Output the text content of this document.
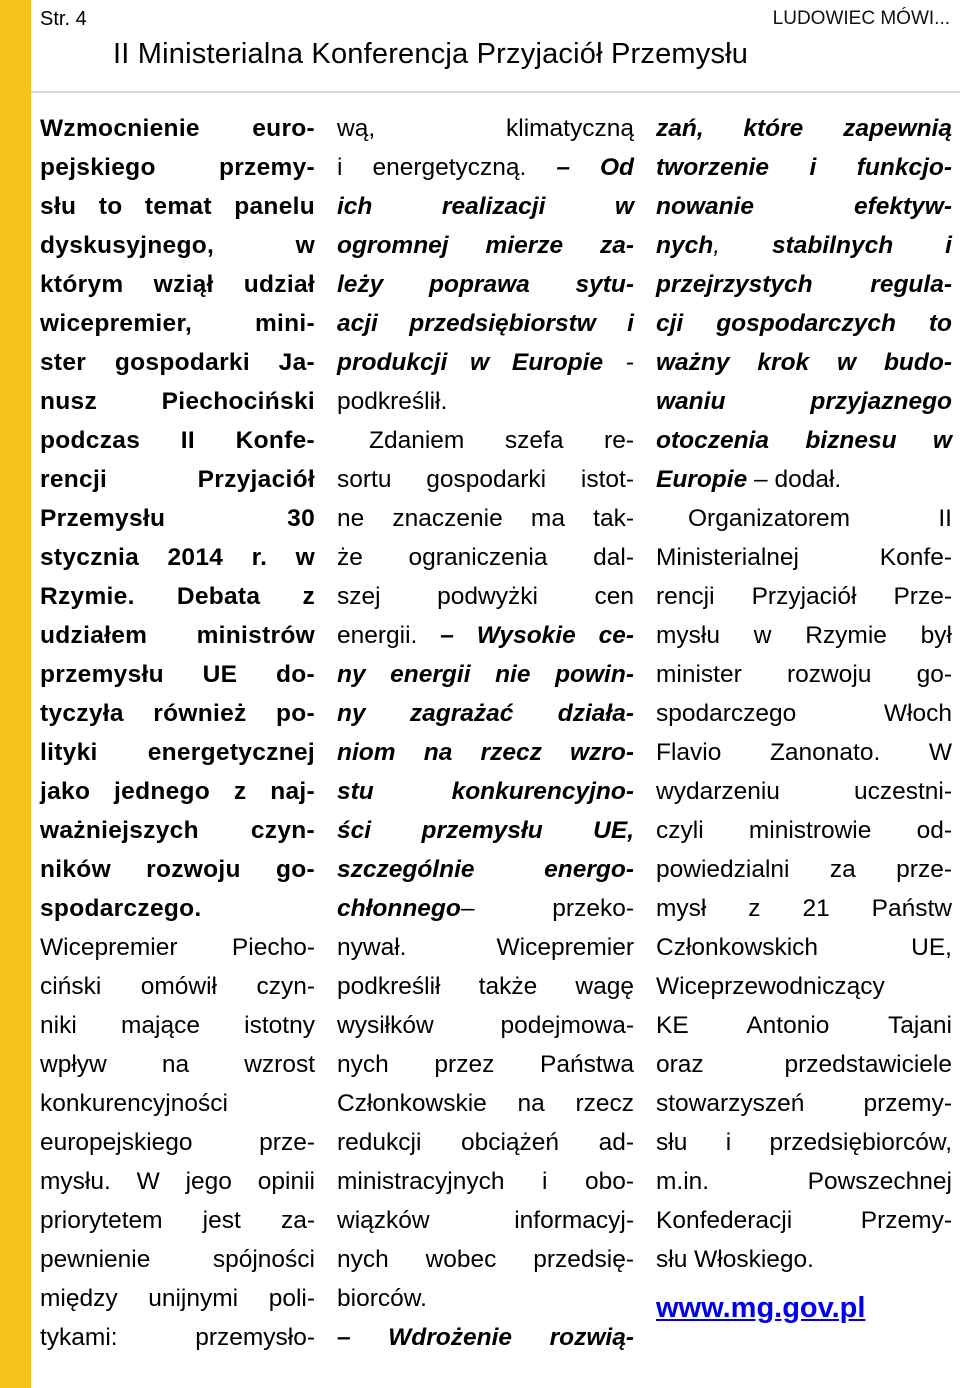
Str. 4	LUDOWIEC MÓWI...
II Ministerialna Konferencja Przyjaciół Przemysłu
Wzmocnienie euro-
pejskiego przemy-
słu to temat panelu
dyskusyjnego, w
którym wziął udział
wicepremier, mini-
ster gospodarki Ja-
nusz Piechociński
podczas II Konfe-
rencji Przyjaciół
Przemysłu 30
stycznia 2014 r. w
Rzymie. Debata z
udziałem ministrów
przemysłu UE do-
tyczyła również po-
lityki energetycznej
jako jednego z naj-
ważniejszych czyn-
ników rozwoju go-
spodarczego.
Wicepremier Piecho-
ciński omówił czyn-
niki mające istotny
wpływ na wzrost
konkurencyjności
europejskiego prze-
mysłu. W jego opinii
priorytetem jest za-
pewnienie spójności
między unijnymi poli-
tykami: przemysło-
wą, klimatyczną
i energetyczną. – Od
ich realizacji w
ogromnej mierze za-
leży poprawa sytu-
acji przedsiębiorstw i
produkcji w Europie -
podkreślił.
Zdaniem szefa re-
sortu gospodarki istot-
ne znaczenie ma tak-
że ograniczenia dal-
szej podwyżki cen
energii. – Wysokie ce-
ny energii nie powin-
ny zagrażać działa-
niom na rzecz wzro-
stu konkurencyjno-
ści przemysłu UE,
szczególnie energo-
chłonnego– przeko-
nywał. Wicepremier
podkreślił także wagę
wysiłków podejmowa-
nych przez Państwa
Członkowskie na rzecz
redukcji obciążeń ad-
ministracyjnych i obo-
wiązków informacyj-
nych wobec przedsię-
biorców.
– Wdrożenie rozwią-
zań, które zapewnią
tworzenie i funkcjo-
nowanie efektyw-
nych, stabilnych i
przejrzystych regula-
cji gospodarczych to
ważny krok w budo-
waniu przyjaznego
otoczenia biznesu w
Europie – dodał.
Organizatorem II
Ministerialnej Konfe-
rencji Przyjaciół Prze-
mysłu w Rzymie był
minister rozwoju go-
spodarczego Włoch
Flavio Zanonato. W
wydarzeniu uczestni-
czyli ministrowie od-
powiedzialni za prze-
mysł z 21 Państw
Członkowskich UE,
Wiceprzewodniczący
KE Antonio Tajani
oraz przedstawiciele
stowarzyszeń przemy-
słu i przedsiębiorców,
m.in. Powszechnej
Konfederacji Przemy-
słu Włoskiego.
www.mg.gov.pl
